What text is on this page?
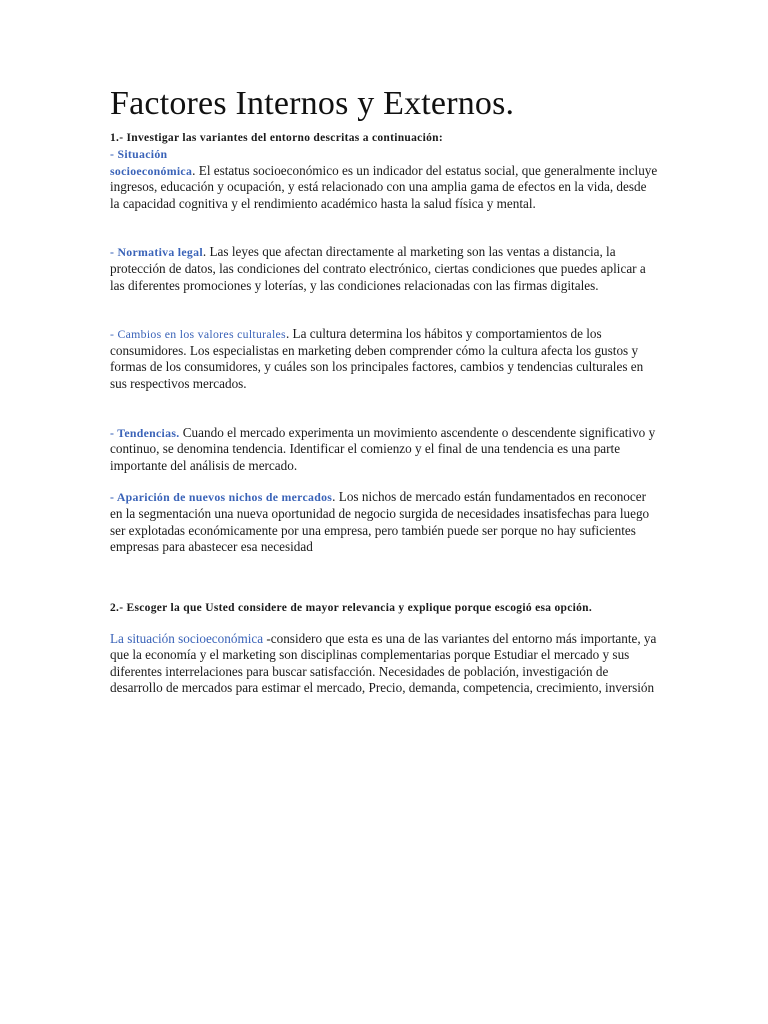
Factores Internos y Externos.

1.- Investigar las variantes del entorno descritas a continuación:

- Situación
socioeconómica. El estatus socioeconómico es un indicador del estatus social, que generalmente incluye ingresos, educación y ocupación, y está relacionado con una amplia gama de efectos en la vida, desde la capacidad cognitiva y el rendimiento académico hasta la salud física y mental.

- Normativa legal. Las leyes que afectan directamente al marketing son las ventas a distancia, la protección de datos, las condiciones del contrato electrónico, ciertas condiciones que puedes aplicar a las diferentes promociones y loterías, y las condiciones relacionadas con las firmas digitales.

- Cambios en los valores culturales. La cultura determina los hábitos y comportamientos de los consumidores. Los especialistas en marketing deben comprender cómo la cultura afecta los gustos y formas de los consumidores, y cuáles son los principales factores, cambios y tendencias culturales en sus respectivos mercados.

- Tendencias. Cuando el mercado experimenta un movimiento ascendente o descendente significativo y continuo, se denomina tendencia. Identificar el comienzo y el final de una tendencia es una parte importante del análisis de mercado.

- Aparición de nuevos nichos de mercados. Los nichos de mercado están fundamentados en reconocer en la segmentación una nueva oportunidad de negocio surgida de necesidades insatisfechas para luego ser explotadas económicamente por una empresa, pero también puede ser porque no hay suficientes empresas para abastecer esa necesidad

2.- Escoger la que Usted considere de mayor relevancia y explique porque escogió esa opción.

La situación socioeconómica -considero que esta es una de las variantes del entorno más importante, ya que la economía y el marketing son disciplinas complementarias porque Estudiar el mercado y sus diferentes interrelaciones para buscar satisfacción. Necesidades de población, investigación de desarrollo de mercados para estimar el mercado, Precio, demanda, competencia, crecimiento, inversión
